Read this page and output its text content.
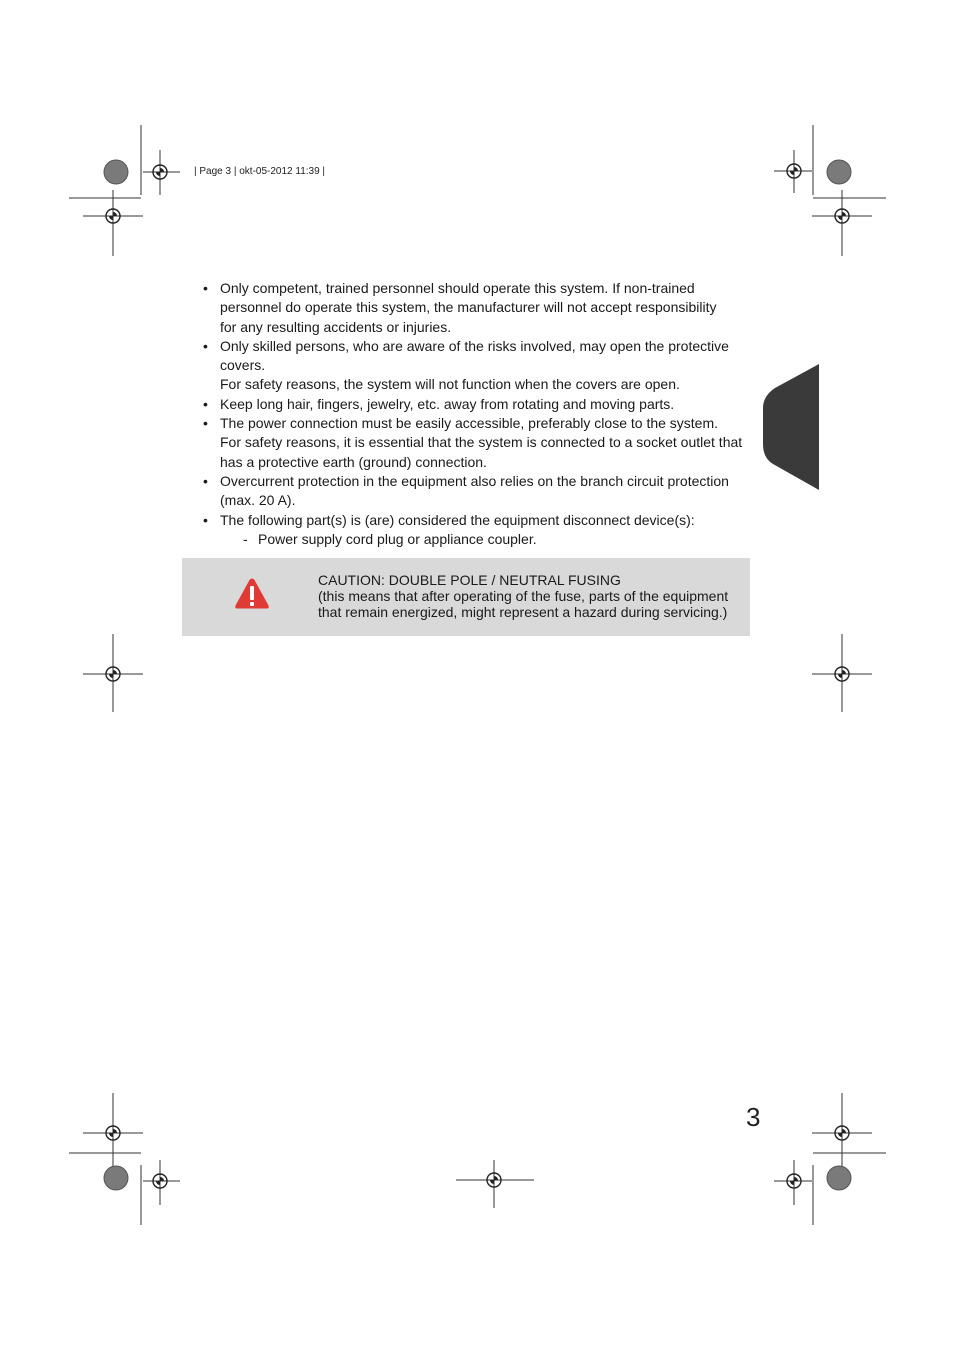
| Page 3 | okt-05-2012 11:39 |
• Only competent, trained personnel should operate this system. If non-trained
personnel do operate this system, the manufacturer will not accept responsibility
for any resulting accidents or injuries.
• Only skilled persons, who are aware of the risks involved, may open the protective
covers.
For safety reasons, the system will not function when the covers are open.
• Keep long hair, fingers, jewelry, etc. away from rotating and moving parts.
• The power connection must be easily accessible, preferably close to the system.
For safety reasons, it is essential that the system is connected to a socket outlet that
has a protective earth (ground) connection.
• Overcurrent protection in the equipment also relies on the branch circuit protection
(max. 20 A).
• The following part(s) is (are) considered the equipment disconnect device(s):
- Power supply cord plug or appliance coupler.
CAUTION: DOUBLE POLE / NEUTRAL FUSING
(this means that after operating of the fuse, parts of the equipment
that remain energized, might represent a hazard during servicing.)
3
